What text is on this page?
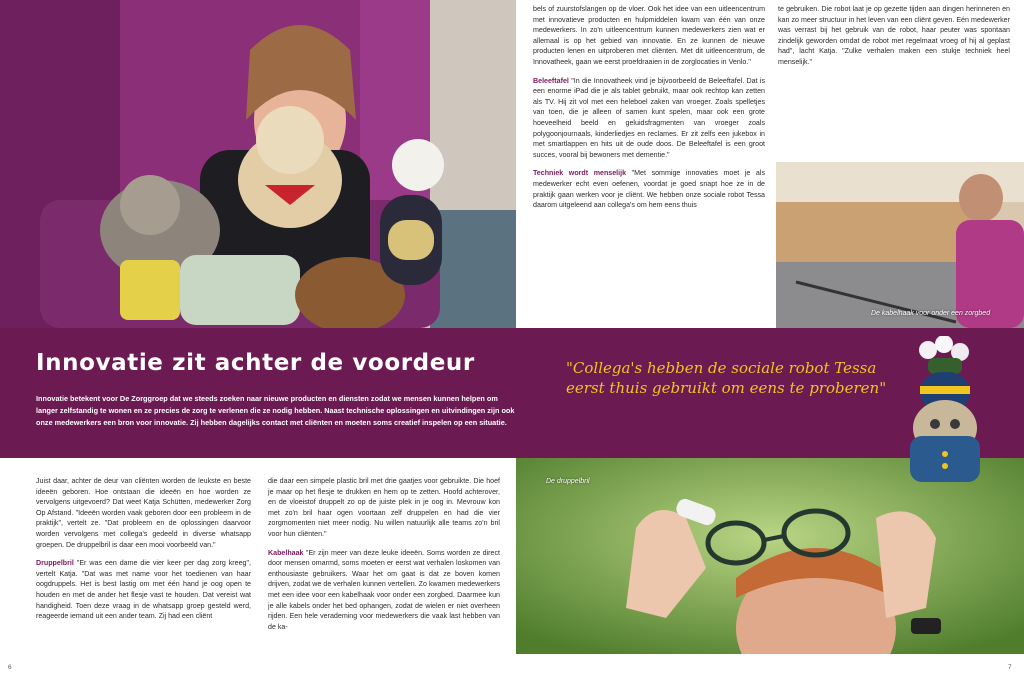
De kabelhaak voor onder een zorgbed
De druppelbril
Innovatie zit achter de voordeur
Innovatie betekent voor De Zorggroep dat we steeds zoeken naar nieuwe producten en diensten zodat we mensen kunnen helpen om langer zelfstandig te wonen en ze precies de zorg te verlenen die ze nodig hebben. Naast technische oplossingen en uitvindingen zijn ook onze medewerkers een bron voor innovatie. Zij hebben dagelijks contact met cliënten en moeten soms creatief inspelen op een situatie.
"Collega's hebben de sociale robot Tessa eerst thuis gebruikt om eens te proberen"

bels of zuurstofslangen op de vloer. Ook het idee van een uitleencentrum met innovatieve producten en hulpmiddelen kwam van één van onze medewerkers. In zo'n uitleencentrum kunnen medewerkers zien wat er allemaal is op het gebied van innovatie. En ze kunnen de nieuwe producten lenen en uitproberen met cliënten. Met dit uitleencentrum, de Innovatheek, gaan we eerst proefdraaien in de zorglocaties in Venlo."

Beleeftafel "In die Innovatheek vind je bijvoorbeeld de Beleeftafel. Dat is een enorme iPad die je als tablet gebruikt, maar ook rechtop kan zetten als TV. Hij zit vol met een heleboel zaken van vroeger. Zoals spelletjes van toen, die je alleen of samen kunt spelen, maar ook een grote hoeveelheid beeld en geluidsfragmenten van vroeger zoals polygoonjournaals, kinderliedjes en reclames. Er zit zelfs een jukebox in met smartlappen en hits uit de oude doos. De Beleeftafel is een groot succes, vooral bij bewoners met dementie."

Techniek wordt menselijk "Met sommige innovaties moet je als medewerker echt even oefenen, voordat je goed snapt hoe ze in de praktijk gaan werken voor je cliënt. We hebben onze sociale robot Tessa daarom uitgeleend aan collega's om hem eens thuis

te gebruiken. Die robot laat je op gezette tijden aan dingen herinneren en kan zo meer structuur in het leven van een cliënt geven. Eén medewerker was verrast bij het gebruik van de robot, haar peuter was spontaan zindelijk geworden omdat de robot met regelmaat vroeg of hij al geplast had", lacht Katja. "Zulke verhalen maken een stukje techniek heel menselijk."

Juist daar, achter de deur van cliënten worden de leukste en beste ideeën geboren. Hoe ontstaan die ideeën en hoe worden ze vervolgens uitgevoerd? Dat weet Katja Schütten, medewerker Zorg Op Afstand. "Ideeën worden vaak geboren door een probleem in de praktijk", vertelt ze. "Dat probleem en de oplossingen daarvoor worden vervolgens met collega's gedeeld in diverse whatsapp groepen. De druppelbril is daar een mooi voorbeeld van."

Druppelbril "Er was een dame die vier keer per dag zorg kreeg", vertelt Katja. "Dat was met name voor het toedienen van haar oogdruppels. Het is best lastig om met één hand je oog open te houden en met de ander het flesje vast te houden. Dat vereist wat handigheid. Toen deze vraag in de whatsapp groep gesteld werd, reageerde iemand uit een ander team. Zij had een cliënt

die daar een simpele plastic bril met drie gaatjes voor gebruikte. Die hoef je maar op het flesje te drukken en hem op te zetten. Hoofd achterover, en de vloeistof druppelt zo op de juiste plek in je oog in. Mevrouw kon met zo'n bril haar ogen voortaan zelf druppelen en had die vier zorgmomenten niet meer nodig. Nu willen natuurlijk alle teams zo'n bril voor hun cliënten."

Kabelhaak "Er zijn meer van deze leuke ideeën. Soms worden ze direct door mensen omarmd, soms moeten er eerst wat verhalen loskomen van enthousiaste gebruikers. Waar het om gaat is dat ze boven komen drijven, zodat we de verhalen kunnen vertellen. Zo kwamen medewerkers met een idee voor een kabelhaak voor onder een zorgbed. Daarmee kun je alle kabels onder het bed ophangen, zodat de wielen er niet overheen rijden. Een hele verademing voor medewerkers die vaak last hebben van de ka-

6	7
